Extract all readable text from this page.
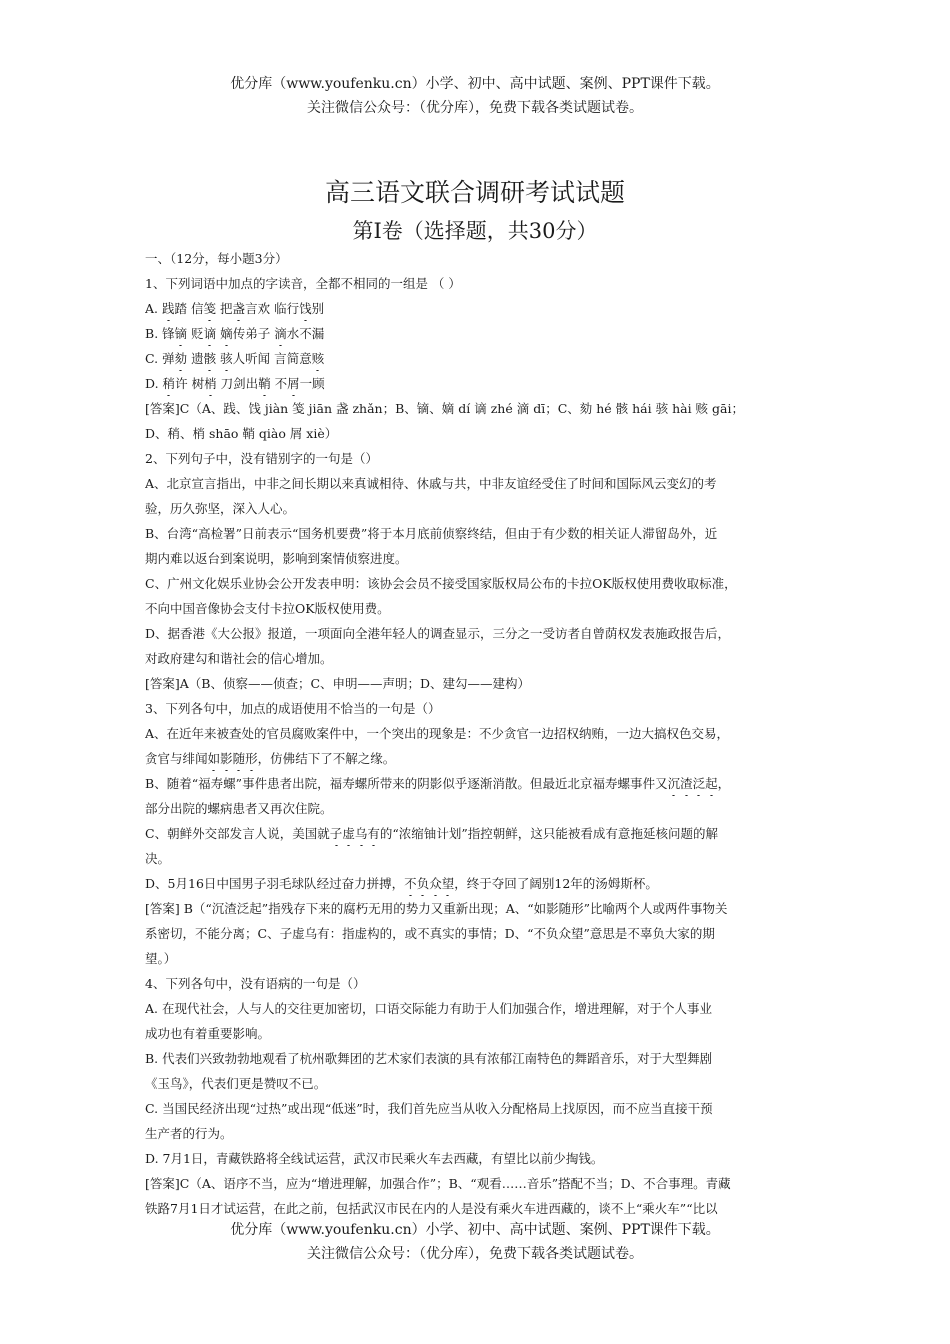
优分库（www.youfenku.cn）小学、初中、高中试题、案例、PPT课件下载。
关注微信公众号：（优分库），免费下载各类试题试卷。
高三语文联合调研考试试题
第Ⅰ卷（选择题，共30分）
一、（12分，每小题3分）
1、下列词语中加点的字读音，全都不相同的一组是 （ ）
A. 践踏 信笺 把盏言欢 临行饯别
B. 锋镝 贬谪 嫡传弟子 滴水不漏
C. 弹劾 遗骸 骇人听闻 言简意赅
D. 稍许 树梢 刀剑出鞘 不屑一顾
[答案]C（A、践、饯 jiàn 笺 jiān 盏 zhǎn；B、镝、嫡 dí 谪 zhé 滴 dī；C、劾 hé 骸 hái 骇 hài 赅 gāi；
D、稍、梢 shāo 鞘 qiào 屑 xiè）
2、下列句子中，没有错别字的一句是（）
A、北京宣言指出，中非之间长期以来真诚相待、休戚与共，中非友谊经受住了时间和国际风云变幻的考
验，历久弥坚，深入人心。
B、台湾“高检署”日前表示“国务机要费”将于本月底前侦察终结，但由于有少数的相关证人滞留岛外，近
期内难以返台到案说明，影响到案情侦察进度。
C、广州文化娱乐业协会公开发表申明：该协会会员不接受国家版权局公布的卡拉OK版权使用费收取标准，
不向中国音像协会支付卡拉OK版权使用费。
D、据香港《大公报》报道，一项面向全港年轻人的调查显示，三分之一受访者自曾荫权发表施政报告后，
对政府建勾和谐社会的信心增加。
[答案]A（B、侦察——侦查；C、申明——声明；D、建勾——建构）
3、下列各句中，加点的成语使用不恰当的一句是（）
A、在近年来被查处的官员腐败案件中，一个突出的现象是：不少贪官一边招权纳贿，一边大搞权色交易，
贪官与绯闻如影随形，仿佛结下了不解之缘。
B、随着“福寿螺”事件患者出院，福寿螺所带来的阴影似乎逐渐消散。但最近北京福寿螺事件又沉渣泛起，
部分出院的螺病患者又再次住院。
C、朝鲜外交部发言人说，美国就子虚乌有的“浓缩铀计划”指控朝鲜，这只能被看成有意拖延核问题的解
决。
D、5月16日中国男子羽毛球队经过奋力拼搏，不负众望，终于夺回了阔别12年的汤姆斯杯。
[答案] B（“沉渣泛起”指残存下来的腐朽无用的势力又重新出现；A、“如影随形”比喻两个人或两件事物关
系密切，不能分离；C、子虚乌有：指虚构的，或不真实的事情；D、“不负众望”意思是不辜负大家的期
望。）
4、下列各句中，没有语病的一句是（）
A. 在现代社会，人与人的交往更加密切，口语交际能力有助于人们加强合作，增进理解，对于个人事业
成功也有着重要影响。
B. 代表们兴致勃勃地观看了杭州歌舞团的艺术家们表演的具有浓郁江南特色的舞蹈音乐，对于大型舞剧
《玉鸟》，代表们更是赞叹不已。
C. 当国民经济出现“过热”或出现“低迷”时，我们首先应当从收入分配格局上找原因，而不应当直接干预
生产者的行为。
D. 7月1日，青藏铁路将全线试运营，武汉市民乘火车去西藏，有望比以前少掏钱。
[答案]C（A、语序不当，应为“增进理解，加强合作”；B、“观看……音乐”搭配不当；D、不合事理。青藏
铁路7月1日才试运营，在此之前，包括武汉市民在内的人是没有乘火车进西藏的，谈不上“乘火车”“比以
优分库（www.youfenku.cn）小学、初中、高中试题、案例、PPT课件下载。
关注微信公众号：（优分库），免费下载各类试题试卷。
